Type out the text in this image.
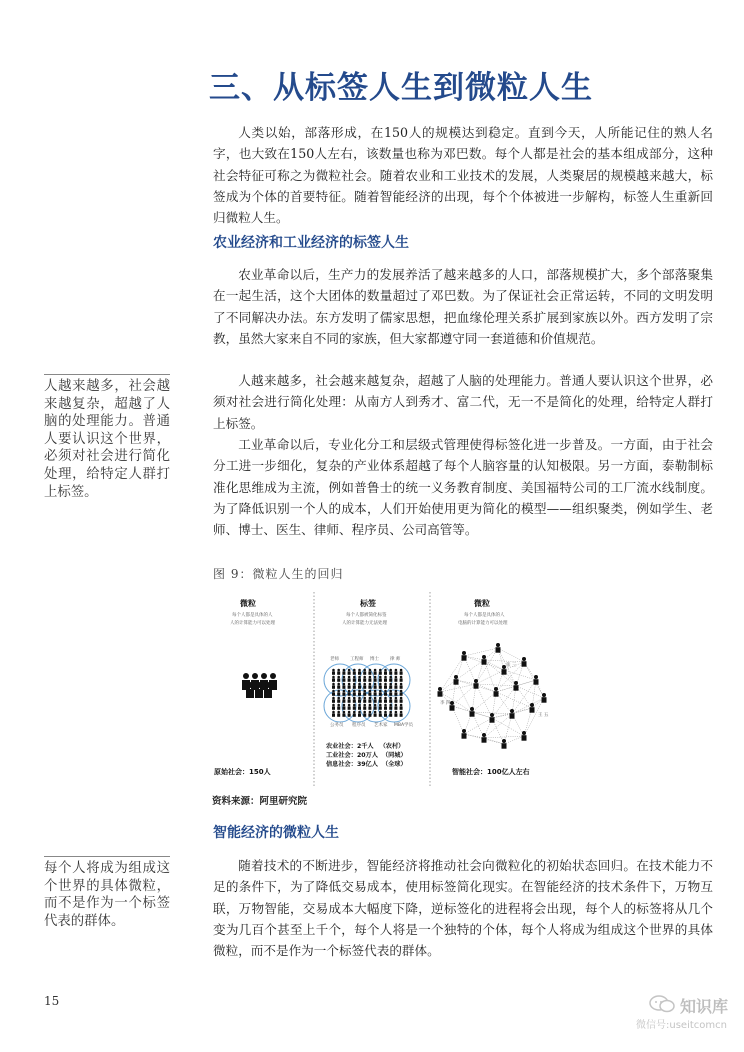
三、从标签人生到微粒人生

人类以始，部落形成，在150人的规模达到稳定。直到今天，人所能记住的熟人名字，也大致在150人左右，该数量也称为邓巴数。每个人都是社会的基本组成部分，这种社会特征可称之为微粒社会。随着农业和工业技术的发展，人类聚居的规模越来越大，标签成为个体的首要特征。随着智能经济的出现，每个个体被进一步解构，标签人生重新回归微粒人生。

农业经济和工业经济的标签人生

农业革命以后，生产力的发展养活了越来越多的人口，部落规模扩大，多个部落聚集在一起生活，这个大团体的数量超过了邓巴数。为了保证社会正常运转，不同的文明发明了不同解决办法。东方发明了儒家思想，把血缘伦理关系扩展到家族以外。西方发明了宗教，虽然大家来自不同的家族，但大家都遵守同一套道德和价值规范。

人越来越多，社会越来越复杂，超越了人脑的处理能力。普通人要认识这个世界，必须对社会进行简化处理：从南方人到秀才、富二代，无一不是简化的处理，给特定人群打上标签。

工业革命以后，专业化分工和层级式管理使得标签化进一步普及。一方面，由于社会分工进一步细化，复杂的产业体系超越了每个人脑容量的认知极限。另一方面，泰勒制标准化思维成为主流，例如普鲁士的统一义务教育制度、美国福特公司的工厂流水线制度。为了降低识别一个人的成本，人们开始使用更为简化的模型——组织聚类，例如学生、老师、博士、医生、律师、程序员、公司高管等。

人越来越多，社会越来越复杂，超越了人脑的处理能力。普通人要认识这个世界，必须对社会进行简化处理，给特定人群打上标签。
图 9：微粒人生的回归
微粒
每个人都是具体的人
人的计算能力可以处理
原始社会：150人
标签
每个人都被简化标签
人的计算能力无法处理
老师 工程师 博士 律 师
公务员 程序员 艺术家 MBA学员
农业社会：2千人 （农村）
工业社会：20万人 （同城）
信息社会：39亿人 （全球）
微粒
每个人都是具体的人
电脑的计算能力可以处理
张 三
李 四
王 五
智能社会：100亿人左右
资料来源：阿里研究院
智能经济的微粒人生

随着技术的不断进步，智能经济将推动社会向微粒化的初始状态回归。在技术能力不足的条件下，为了降低交易成本，使用标签简化现实。在智能经济的技术条件下，万物互联，万物智能，交易成本大幅度下降，逆标签化的进程将会出现，每个人的标签将从几个变为几百个甚至上千个，每个人将是一个独特的个体，每个人将成为组成这个世界的具体微粒，而不是作为一个标签代表的群体。

每个人将成为组成这个世界的具体微粒，而不是作为一个标签代表的群体。
15	知识库
微信号:useitcomcn
